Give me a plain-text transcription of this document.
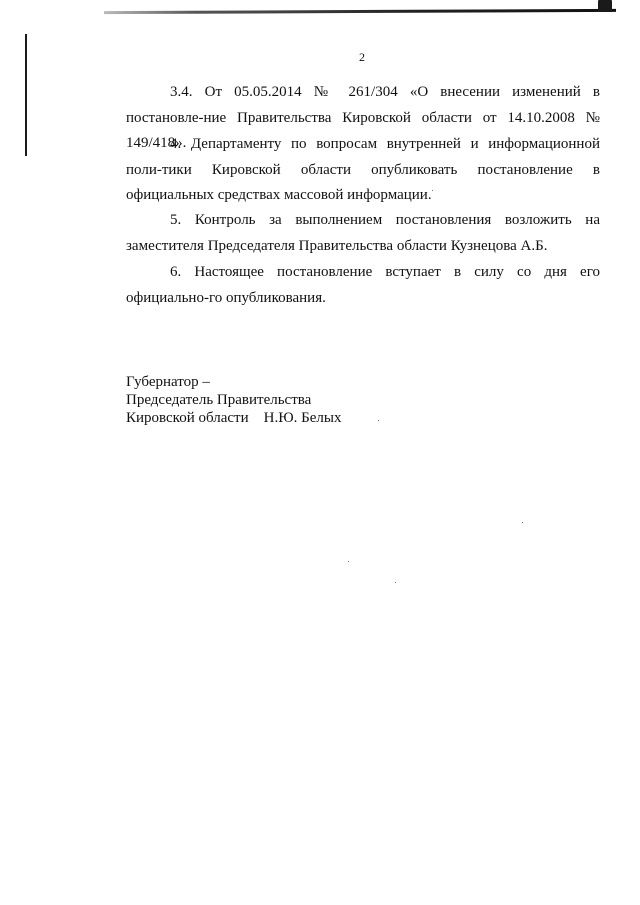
2

3.4. От 05.05.2014 № 261/304 «О внесении изменений в постановле-ние Правительства Кировской области от 14.10.2008 № 149/418».

4. Департаменту по вопросам внутренней и информационной поли-тики Кировской области опубликовать постановление в официальных средствах массовой информации.

5. Контроль за выполнением постановления возложить на заместителя Председателя Правительства области Кузнецова А.Б.

6. Настоящее постановление вступает в силу со дня его официально-го опубликования.

Губернатор –
Председатель Правительства
Кировской области    Н.Ю. Белых
